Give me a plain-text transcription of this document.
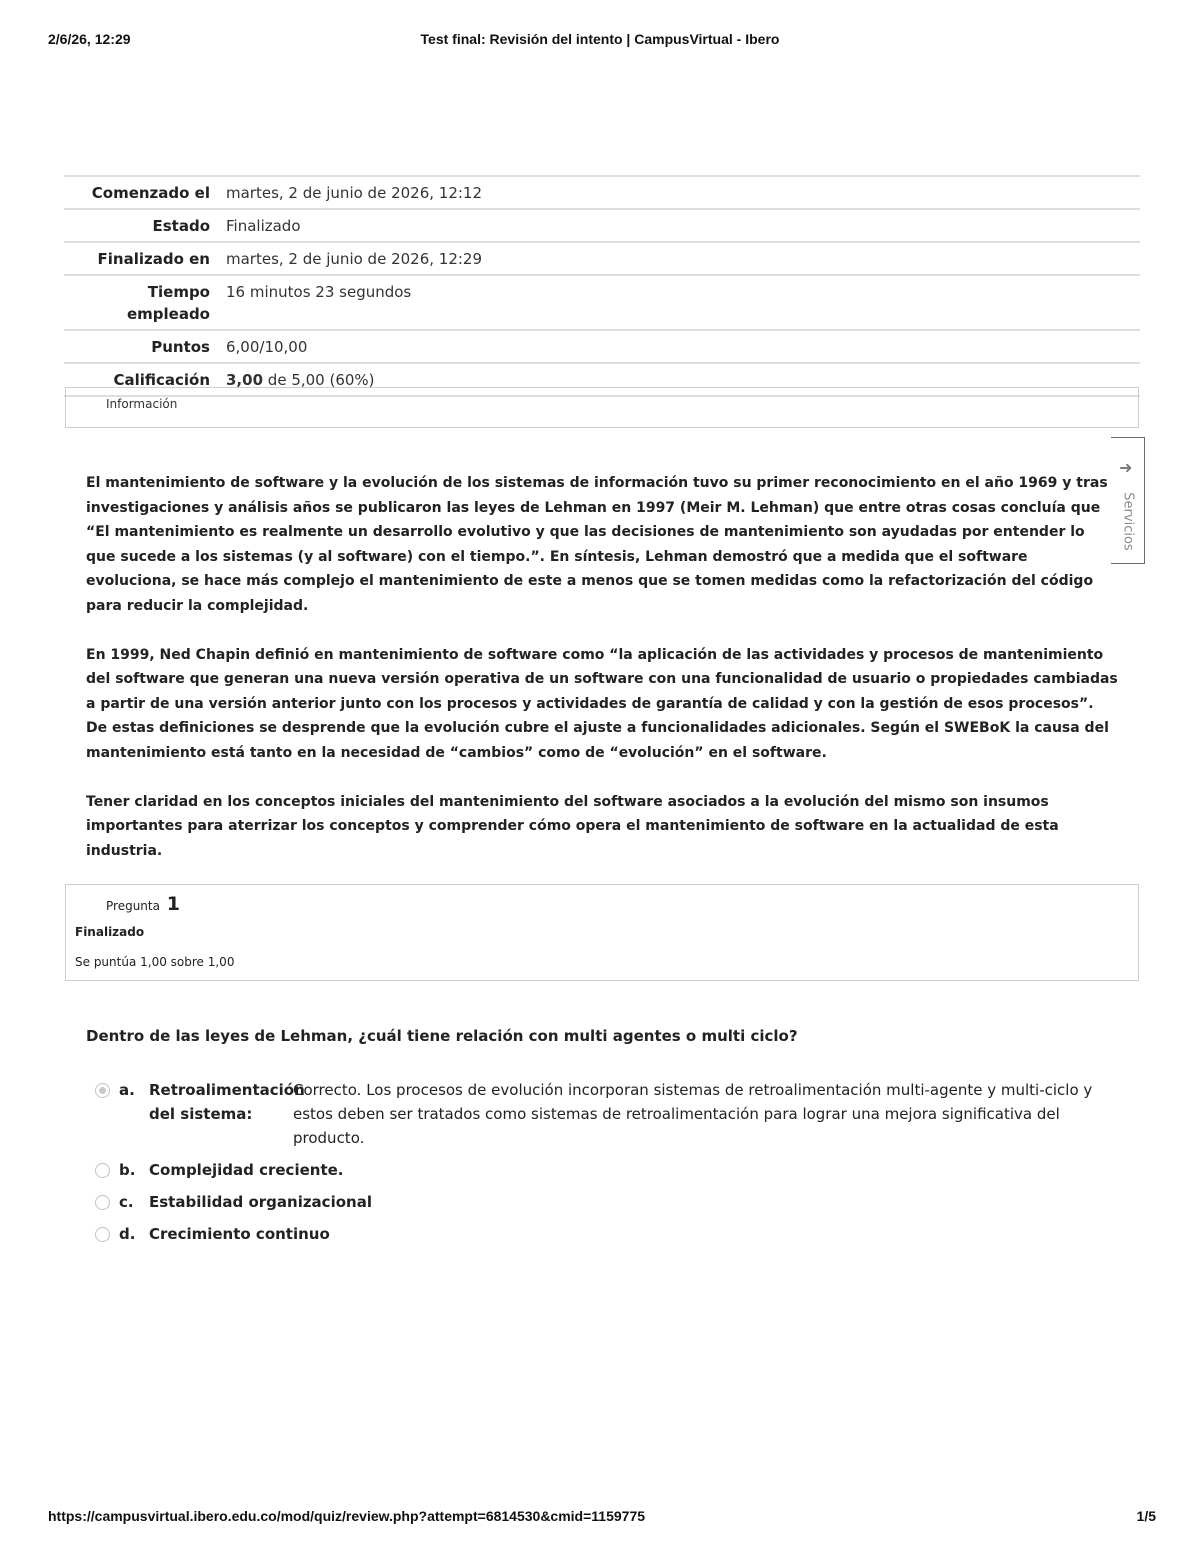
2/6/26, 12:29	Test final: Revisión del intento | CampusVirtual - Ibero
Comenzado el	martes, 2 de junio de 2026, 12:12
Estado	Finalizado
Finalizado en	martes, 2 de junio de 2026, 12:29
Tiempo empleado	16 minutos 23 segundos
Puntos	6,00/10,00
Calificación	3,00 de 5,00 (60%)
Información
➜
Servicios

El mantenimiento de software y la evolución de los sistemas de información tuvo su primer reconocimiento en el año 1969 y tras investigaciones y análisis años se publicaron las leyes de Lehman en 1997 (Meir M. Lehman) que entre otras cosas concluía que “El mantenimiento es realmente un desarrollo evolutivo y que las decisiones de mantenimiento son ayudadas por entender lo que sucede a los sistemas (y al software) con el tiempo.”. En síntesis, Lehman demostró que a medida que el software evoluciona, se hace más complejo el mantenimiento de este a menos que se tomen medidas como la refactorización del código para reducir la complejidad.

En 1999, Ned Chapin definió en mantenimiento de software como “la aplicación de las actividades y procesos de mantenimiento del software que generan una nueva versión operativa de un software con una funcionalidad de usuario o propiedades cambiadas a partir de una versión anterior junto con los procesos y actividades de garantía de calidad y con la gestión de esos procesos”. De estas definiciones se desprende que la evolución cubre el ajuste a funcionalidades adicionales. Según el SWEBoK la causa del mantenimiento está tanto en la necesidad de “cambios” como de “evolución” en el software.

Tener claridad en los conceptos iniciales del mantenimiento del software asociados a la evolución del mismo son insumos importantes para aterrizar los conceptos y comprender cómo opera el mantenimiento de software en la actualidad de esta industria.

Pregunta 1
Finalizado
Se puntúa 1,00 sobre 1,00
Dentro de las leyes de Lehman, ¿cuál tiene relación con multi agentes o multi ciclo?
a. Retroalimentación del sistema:
Correcto. Los procesos de evolución incorporan sistemas de retroalimentación multi-agente y multi-ciclo y estos deben ser tratados como sistemas de retroalimentación para lograr una mejora significativa del producto.
b. Complejidad creciente.
c.	Estabilidad organizacional
d. Crecimiento continuo
https://campusvirtual.ibero.edu.co/mod/quiz/review.php?attempt=6814530&cmid=1159775	1/5
